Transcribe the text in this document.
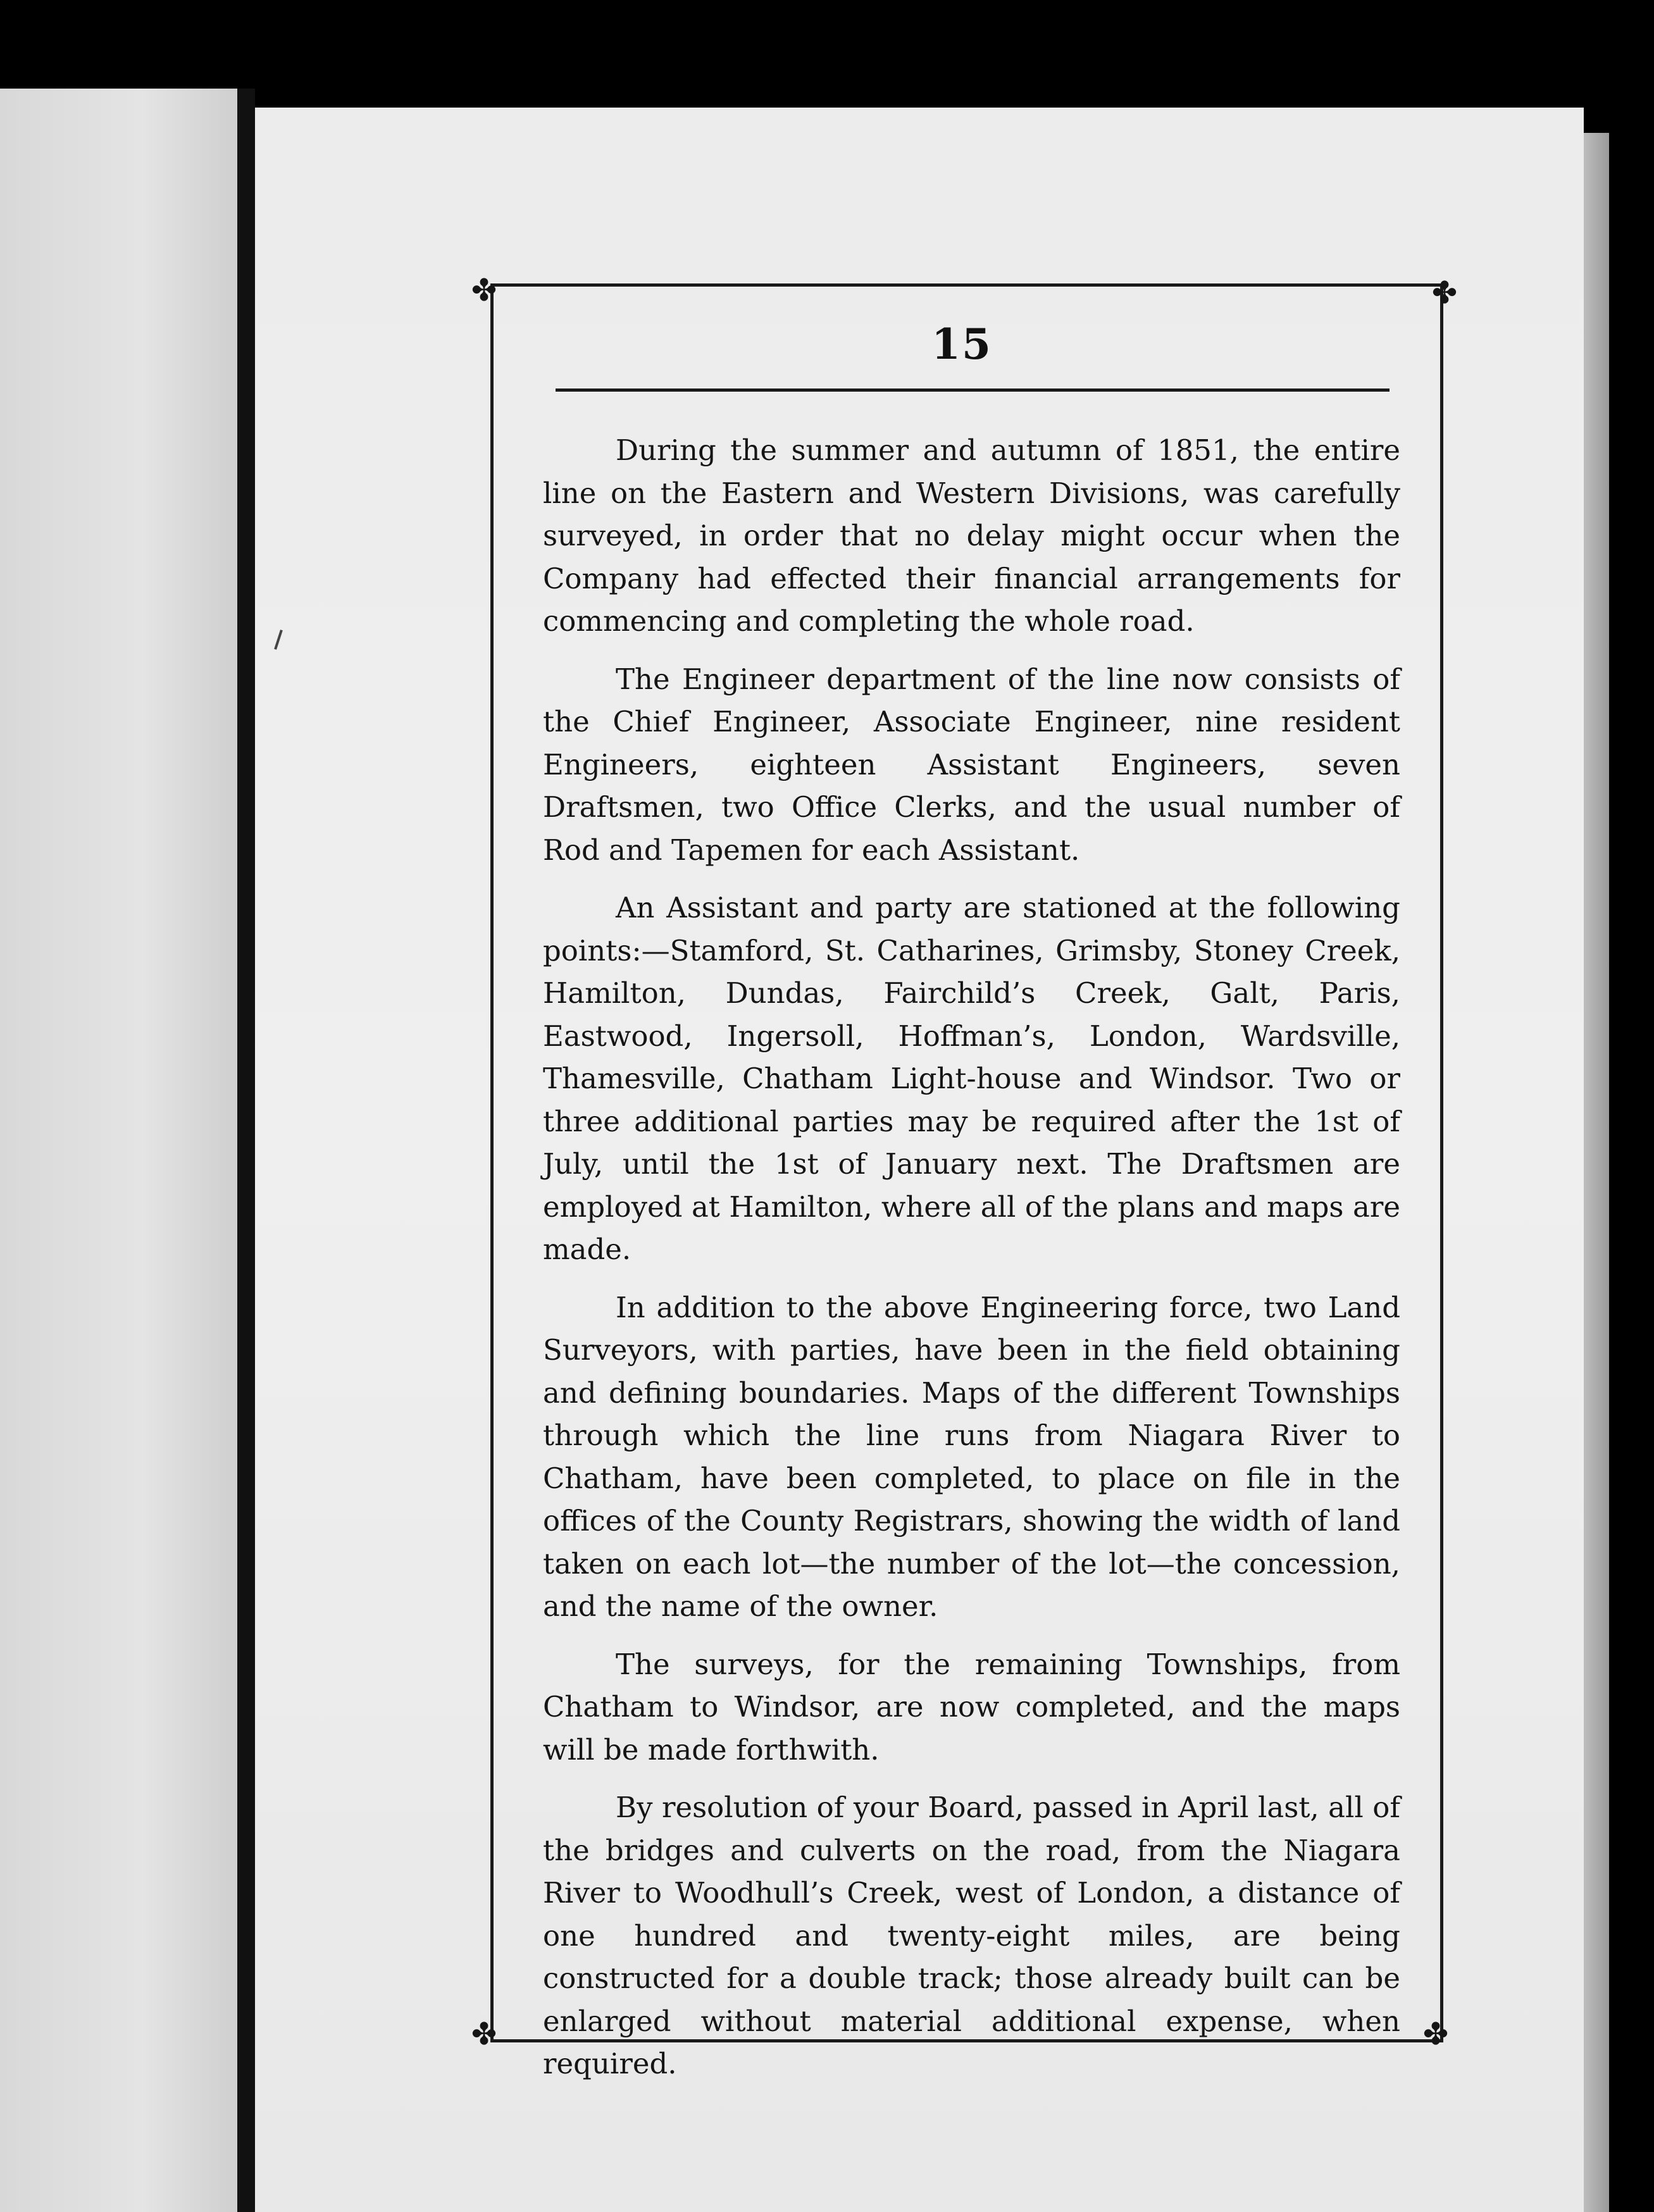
✤	✤
✤	✤
15

During the summer and autumn of 1851, the entire line on the Eastern and Western Divisions, was carefully surveyed, in order that no delay might occur when the Company had effected their financial arrangements for commencing and completing the whole road.

The Engineer department of the line now consists of the Chief Engineer, Associate Engineer, nine resident Engineers, eighteen Assistant Engineers, seven Draftsmen, two Office Clerks, and the usual number of Rod and Tapemen for each Assistant.

An Assistant and party are stationed at the following points:—Stamford, St. Catharines, Grimsby, Stoney Creek, Hamilton, Dundas, Fairchild’s Creek, Galt, Paris, Eastwood, Ingersoll, Hoffman’s, London, Wardsville, Thamesville, Chatham Light-house and Windsor. Two or three additional parties may be required after the 1st of July, until the 1st of January next. The Draftsmen are employed at Hamilton, where all of the plans and maps are made.

In addition to the above Engineering force, two Land Surveyors, with parties, have been in the field obtaining and defining boundaries. Maps of the different Townships through which the line runs from Niagara River to Chatham, have been completed, to place on file in the offices of the County Registrars, showing the width of land taken on each lot—the number of the lot—the concession, and the name of the owner.

The surveys, for the remaining Townships, from Chatham to Windsor, are now completed, and the maps will be made forthwith.

By resolution of your Board, passed in April last, all of the bridges and culverts on the road, from the Niagara River to Woodhull’s Creek, west of London, a distance of one hundred and twenty-eight miles, are being constructed for a double track; those already built can be enlarged without material additional expense, when required.
